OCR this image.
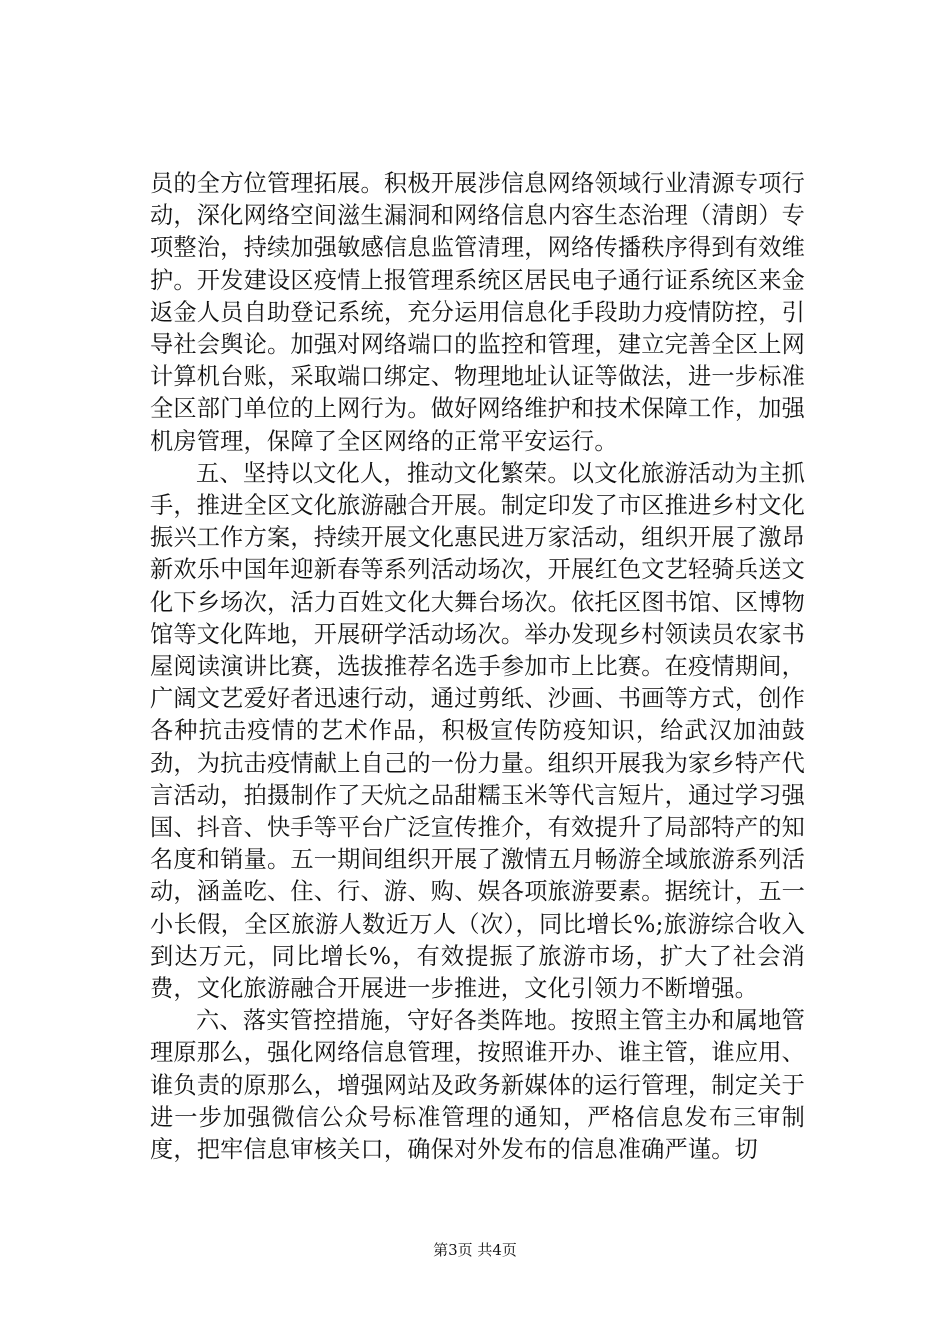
员的全方位管理拓展。积极开展涉信息网络领域行业清源专项行动，深化网络空间滋生漏洞和网络信息内容生态治理（清朗）专项整治，持续加强敏感信息监管清理，网络传播秩序得到有效维护。开发建设区疫情上报管理系统区居民电子通行证系统区来金返金人员自助登记系统，充分运用信息化手段助力疫情防控，引导社会舆论。加强对网络端口的监控和管理，建立完善全区上网计算机台账，采取端口绑定、物理地址认证等做法，进一步标准全区部门单位的上网行为。做好网络维护和技术保障工作，加强机房管理，保障了全区网络的正常平安运行。

五、坚持以文化人，推动文化繁荣。以文化旅游活动为主抓手，推进全区文化旅游融合开展。制定印发了市区推进乡村文化振兴工作方案，持续开展文化惠民进万家活动，组织开展了激昂新欢乐中国年迎新春等系列活动场次，开展红色文艺轻骑兵送文化下乡场次，活力百姓文化大舞台场次。依托区图书馆、区博物馆等文化阵地，开展研学活动场次。举办发现乡村领读员农家书屋阅读演讲比赛，选拔推荐名选手参加市上比赛。在疫情期间，广阔文艺爱好者迅速行动，通过剪纸、沙画、书画等方式，创作各种抗击疫情的艺术作品，积极宣传防疫知识，给武汉加油鼓劲，为抗击疫情献上自己的一份力量。组织开展我为家乡特产代言活动，拍摄制作了天炕之品甜糯玉米等代言短片，通过学习强国、抖音、快手等平台广泛宣传推介，有效提升了局部特产的知名度和销量。五一期间组织开展了激情五月畅游全域旅游系列活动，涵盖吃、住、行、游、购、娱各项旅游要素。据统计，五一小长假，全区旅游人数近万人（次），同比增长%;旅游综合收入到达万元，同比增长%，有效提振了旅游市场，扩大了社会消费，文化旅游融合开展进一步推进，文化引领力不断增强。

六、落实管控措施，守好各类阵地。按照主管主办和属地管理原那么，强化网络信息管理，按照谁开办、谁主管，谁应用、谁负责的原那么，增强网站及政务新媒体的运行管理，制定关于进一步加强微信公众号标准管理的通知，严格信息发布三审制度，把牢信息审核关口，确保对外发布的信息准确严谨。切

第3页 共4页
